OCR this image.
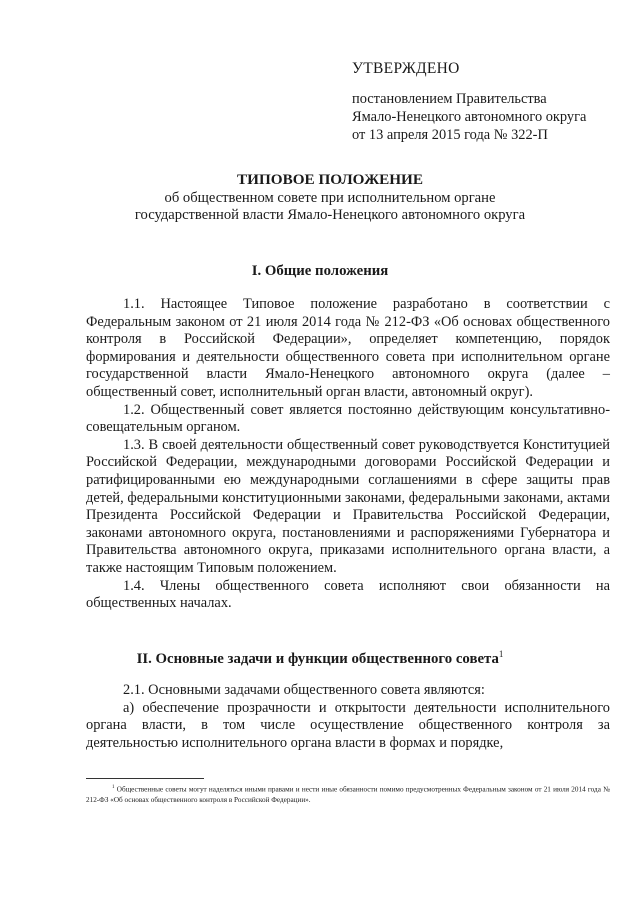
УТВЕРЖДЕНО
постановлением Правительства
Ямало-Ненецкого автономного округа
от 13 апреля 2015 года № 322-П
ТИПОВОЕ ПОЛОЖЕНИЕ
об общественном совете при исполнительном органе
государственной власти Ямало-Ненецкого автономного округа
I. Общие положения

1.1. Настоящее Типовое положение разработано в соответствии с Федеральным законом от 21 июля 2014 года № 212-ФЗ «Об основах общественного контроля в Российской Федерации», определяет компетенцию, порядок формирования и деятельности общественного совета при исполнительном органе государственной власти Ямало-Ненецкого автономного округа (далее – общественный совет, исполнительный орган власти, автономный округ).

1.2. Общественный совет является постоянно действующим консультативно-совещательным органом.

1.3. В своей деятельности общественный совет руководствуется Конституцией Российской Федерации, международными договорами Российской Федерации и ратифицированными ею международными соглашениями в сфере защиты прав детей, федеральными конституционными законами, федеральными законами, актами Президента Российской Федерации и Правительства Российской Федерации, законами автономного округа, постановлениями и распоряжениями Губернатора и Правительства автономного округа, приказами исполнительного органа власти, а также настоящим Типовым положением.

1.4. Члены общественного совета исполняют свои обязанности на общественных началах.

II. Основные задачи и функции общественного совета$^1$

2.1. Основными задачами общественного совета являются:

а) обеспечение прозрачности и открытости деятельности исполнительного органа власти, в том числе осуществление общественного контроля за деятельностью исполнительного органа власти в формах и порядке,

$^1$ Общественные советы могут наделяться иными правами и нести иные обязанности помимо предусмотренных Федеральным законом от 21 июля 2014 года № 212-ФЗ «Об основах общественного контроля в Российской Федерации».
